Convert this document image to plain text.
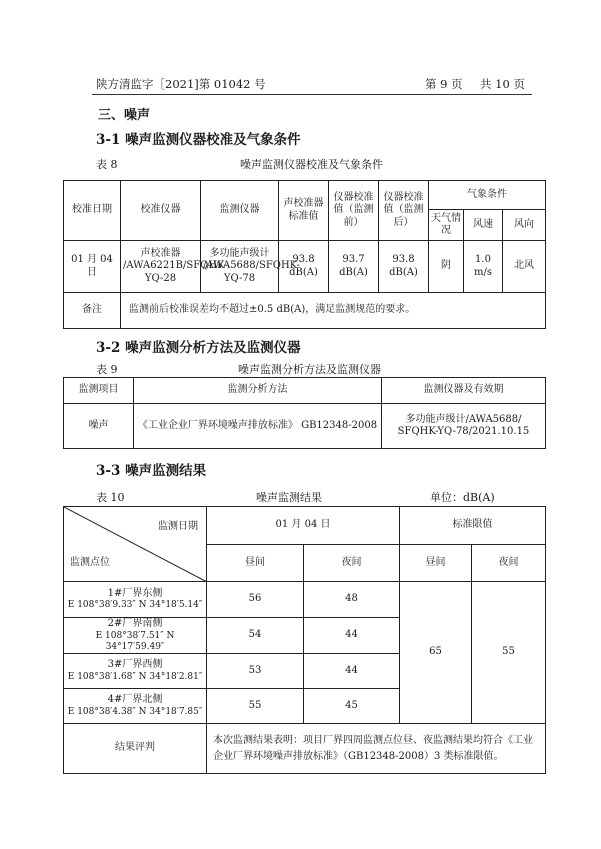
陕方清监字［2021]第 01042 号	第 9 页 共 10 页
三、噪声
3-1 噪声监测仪器校准及气象条件
表 8	噪声监测仪器校准及气象条件
校准日期	校准仪器	监测仪器	声校准器标准值	仪器校准值（监测前）	仪器校准值（监测后）	气象条件		
						天气情况	风速	风向
01 月 04 日	声校准器 /AWA6221B/SFQHK-YQ-28	多功能声级计 /AWA5688/SFQHK-YQ-78	93.8 dB(A)	93.7 dB(A)	93.8 dB(A)	阴	1.0 m/s	北风
备注	监测前后校准误差均不超过±0.5 dB(A)，满足监测规范的要求。							
3-2 噪声监测分析方法及监测仪器
表 9	噪声监测分析方法及监测仪器
监测项目	监测分析方法	监测仪器及有效期
噪声	《工业企业厂界环境噪声排放标准》 GB12348-2008	多功能声级计/AWA5688/ SFQHK-YQ-78/2021.10.15
3-3 噪声监测结果
表 10	噪声监测结果	单位：dB(A)
监测日期
监测点位	01 月 04 日		标准限值	
	昼间	夜间	昼间	夜间

1#厂界东侧
E 108°38′9.33″ N 34°18′5.14″	56	48	65	55

2#厂界南侧
E 108°38′7.51″ N 34°17′59.49″	54	44		

3#厂界西侧
E 108°38′1.68″ N 34°18′2.81″	53	44		

4#厂界北侧
E 108°38′4.38″ N 34°18′7.85″	55	45		
结果评判	本次监测结果表明：项目厂界四周监测点位昼、夜监测结果均符合《工业企业厂界环境噪声排放标准》（GB12348-2008）3 类标准限值。			
